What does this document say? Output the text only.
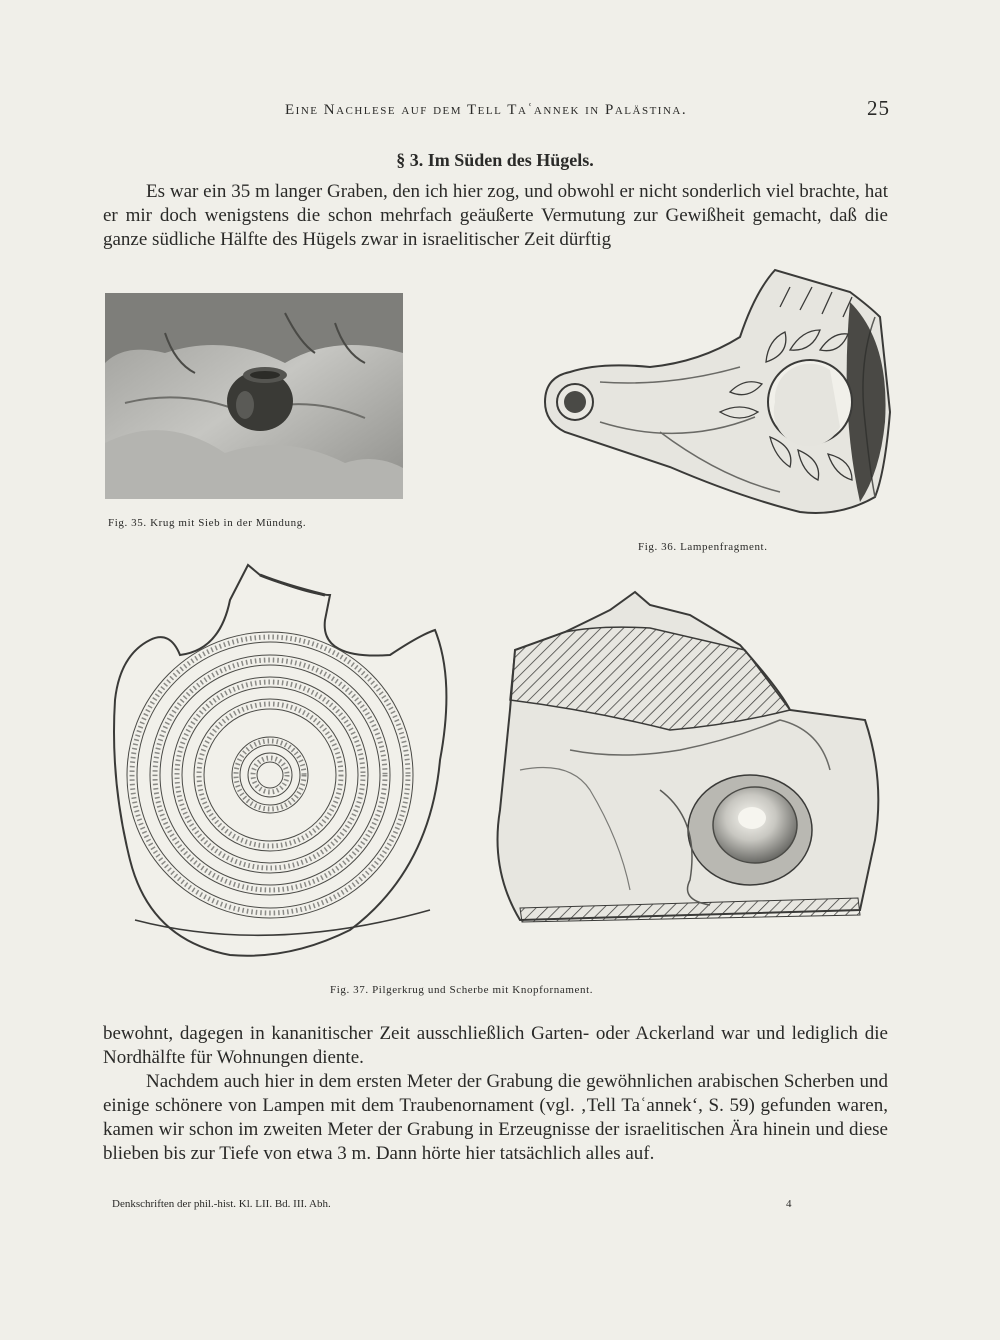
Eine Nachlese auf dem Tell Taʿannek in Palästina.	25
§ 3. Im Süden des Hügels.
Es war ein 35 m langer Graben, den ich hier zog, und obwohl er nicht sonderlich viel brachte, hat er mir doch wenigstens die schon mehrfach geäußerte Vermutung zur Gewißheit gemacht, daß die ganze südliche Hälfte des Hügels zwar in israelitischer Zeit dürftig
Fig. 35. Krug mit Sieb in der Mündung.
Fig. 36. Lampenfragment.
Fig. 37. Pilgerkrug und Scherbe mit Knopfornament.
bewohnt, dagegen in kananitischer Zeit ausschließlich Garten- oder Ackerland war und lediglich die Nordhälfte für Wohnungen diente.
Nachdem auch hier in dem ersten Meter der Grabung die gewöhnlichen arabischen Scherben und einige schönere von Lampen mit dem Traubenornament (vgl. ‚Tell Taʿannek‘, S. 59) gefunden waren, kamen wir schon im zweiten Meter der Grabung in Erzeugnisse der israelitischen Ära hinein und diese blieben bis zur Tiefe von etwa 3 m. Dann hörte hier tatsächlich alles auf.
Denkschriften der phil.-hist. Kl. LII. Bd. III. Abh.	4
